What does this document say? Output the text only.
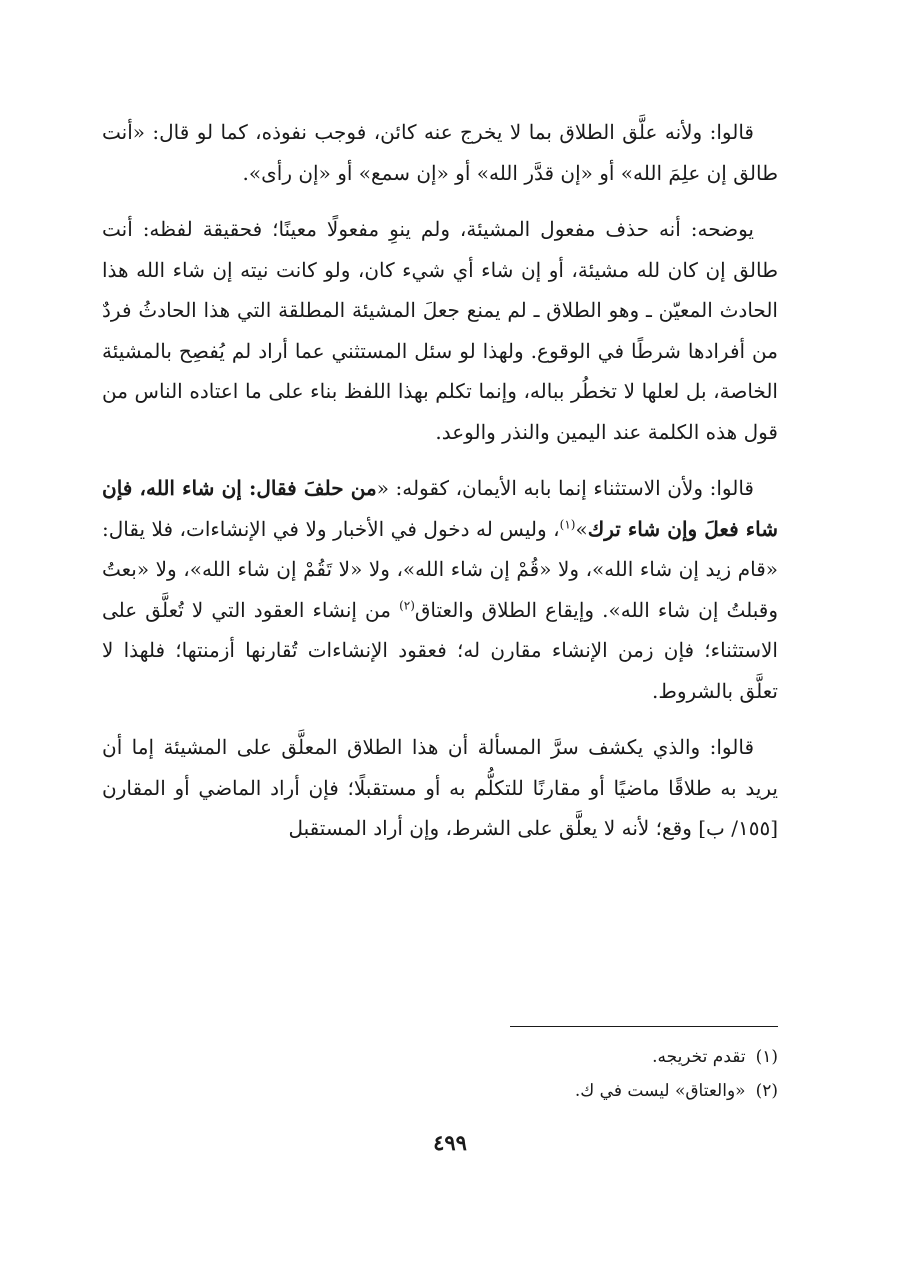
قالوا: ولأنه علَّق الطلاق بما لا يخرج عنه كائن، فوجب نفوذه، كما لو قال: «أنت طالق إن علِمَ الله» أو «إن قدَّر الله» أو «إن سمع» أو «إن رأى».

يوضحه: أنه حذف مفعول المشيئة، ولم ينوِ مفعولًا معينًا؛ فحقيقة لفظه: أنت طالق إن كان لله مشيئة، أو إن شاء أي شيء كان، ولو كانت نيته إن شاء الله هذا الحادث المعيّن ـ وهو الطلاق ـ لم يمنع جعلَ المشيئة المطلقة التي هذا الحادثُ فردٌ من أفرادها شرطًا في الوقوع. ولهذا لو سئل المستثني عما أراد لم يُفصِح بالمشيئة الخاصة، بل لعلها لا تخطُر بباله، وإنما تكلم بهذا اللفظ بناء على ما اعتاده الناس من قول هذه الكلمة عند اليمين والنذر والوعد.

قالوا: ولأن الاستثناء إنما بابه الأيمان، كقوله: «من حلفَ فقال: إن شاء الله، فإن شاء فعلَ وإن شاء ترك»$^{(١)}$، وليس له دخول في الأخبار ولا في الإنشاءات، فلا يقال: «قام زيد إن شاء الله»، ولا «قُمْ إن شاء الله»، ولا «لا تَقُمْ إن شاء الله»، ولا «بعتُ وقبلتُ إن شاء الله». وإيقاع الطلاق والعتاق$^{(٢)}$ من إنشاء العقود التي لا تُعلَّق على الاستثناء؛ فإن زمن الإنشاء مقارن له؛ فعقود الإنشاءات تُقارنها أزمنتها؛ فلهذا لا تعلَّق بالشروط.

قالوا: والذي يكشف سرَّ المسألة أن هذا الطلاق المعلَّق على المشيئة إما أن يريد به طلاقًا ماضيًا أو مقارنًا للتكلُّم به أو مستقبلًا؛ فإن أراد الماضي أو المقارن [١٥٥/ ب] وقع؛ لأنه لا يعلَّق على الشرط، وإن أراد المستقبل

(١)تقدم تخريجه.

(٢)«والعتاق» ليست في ك.

٤٩٩
